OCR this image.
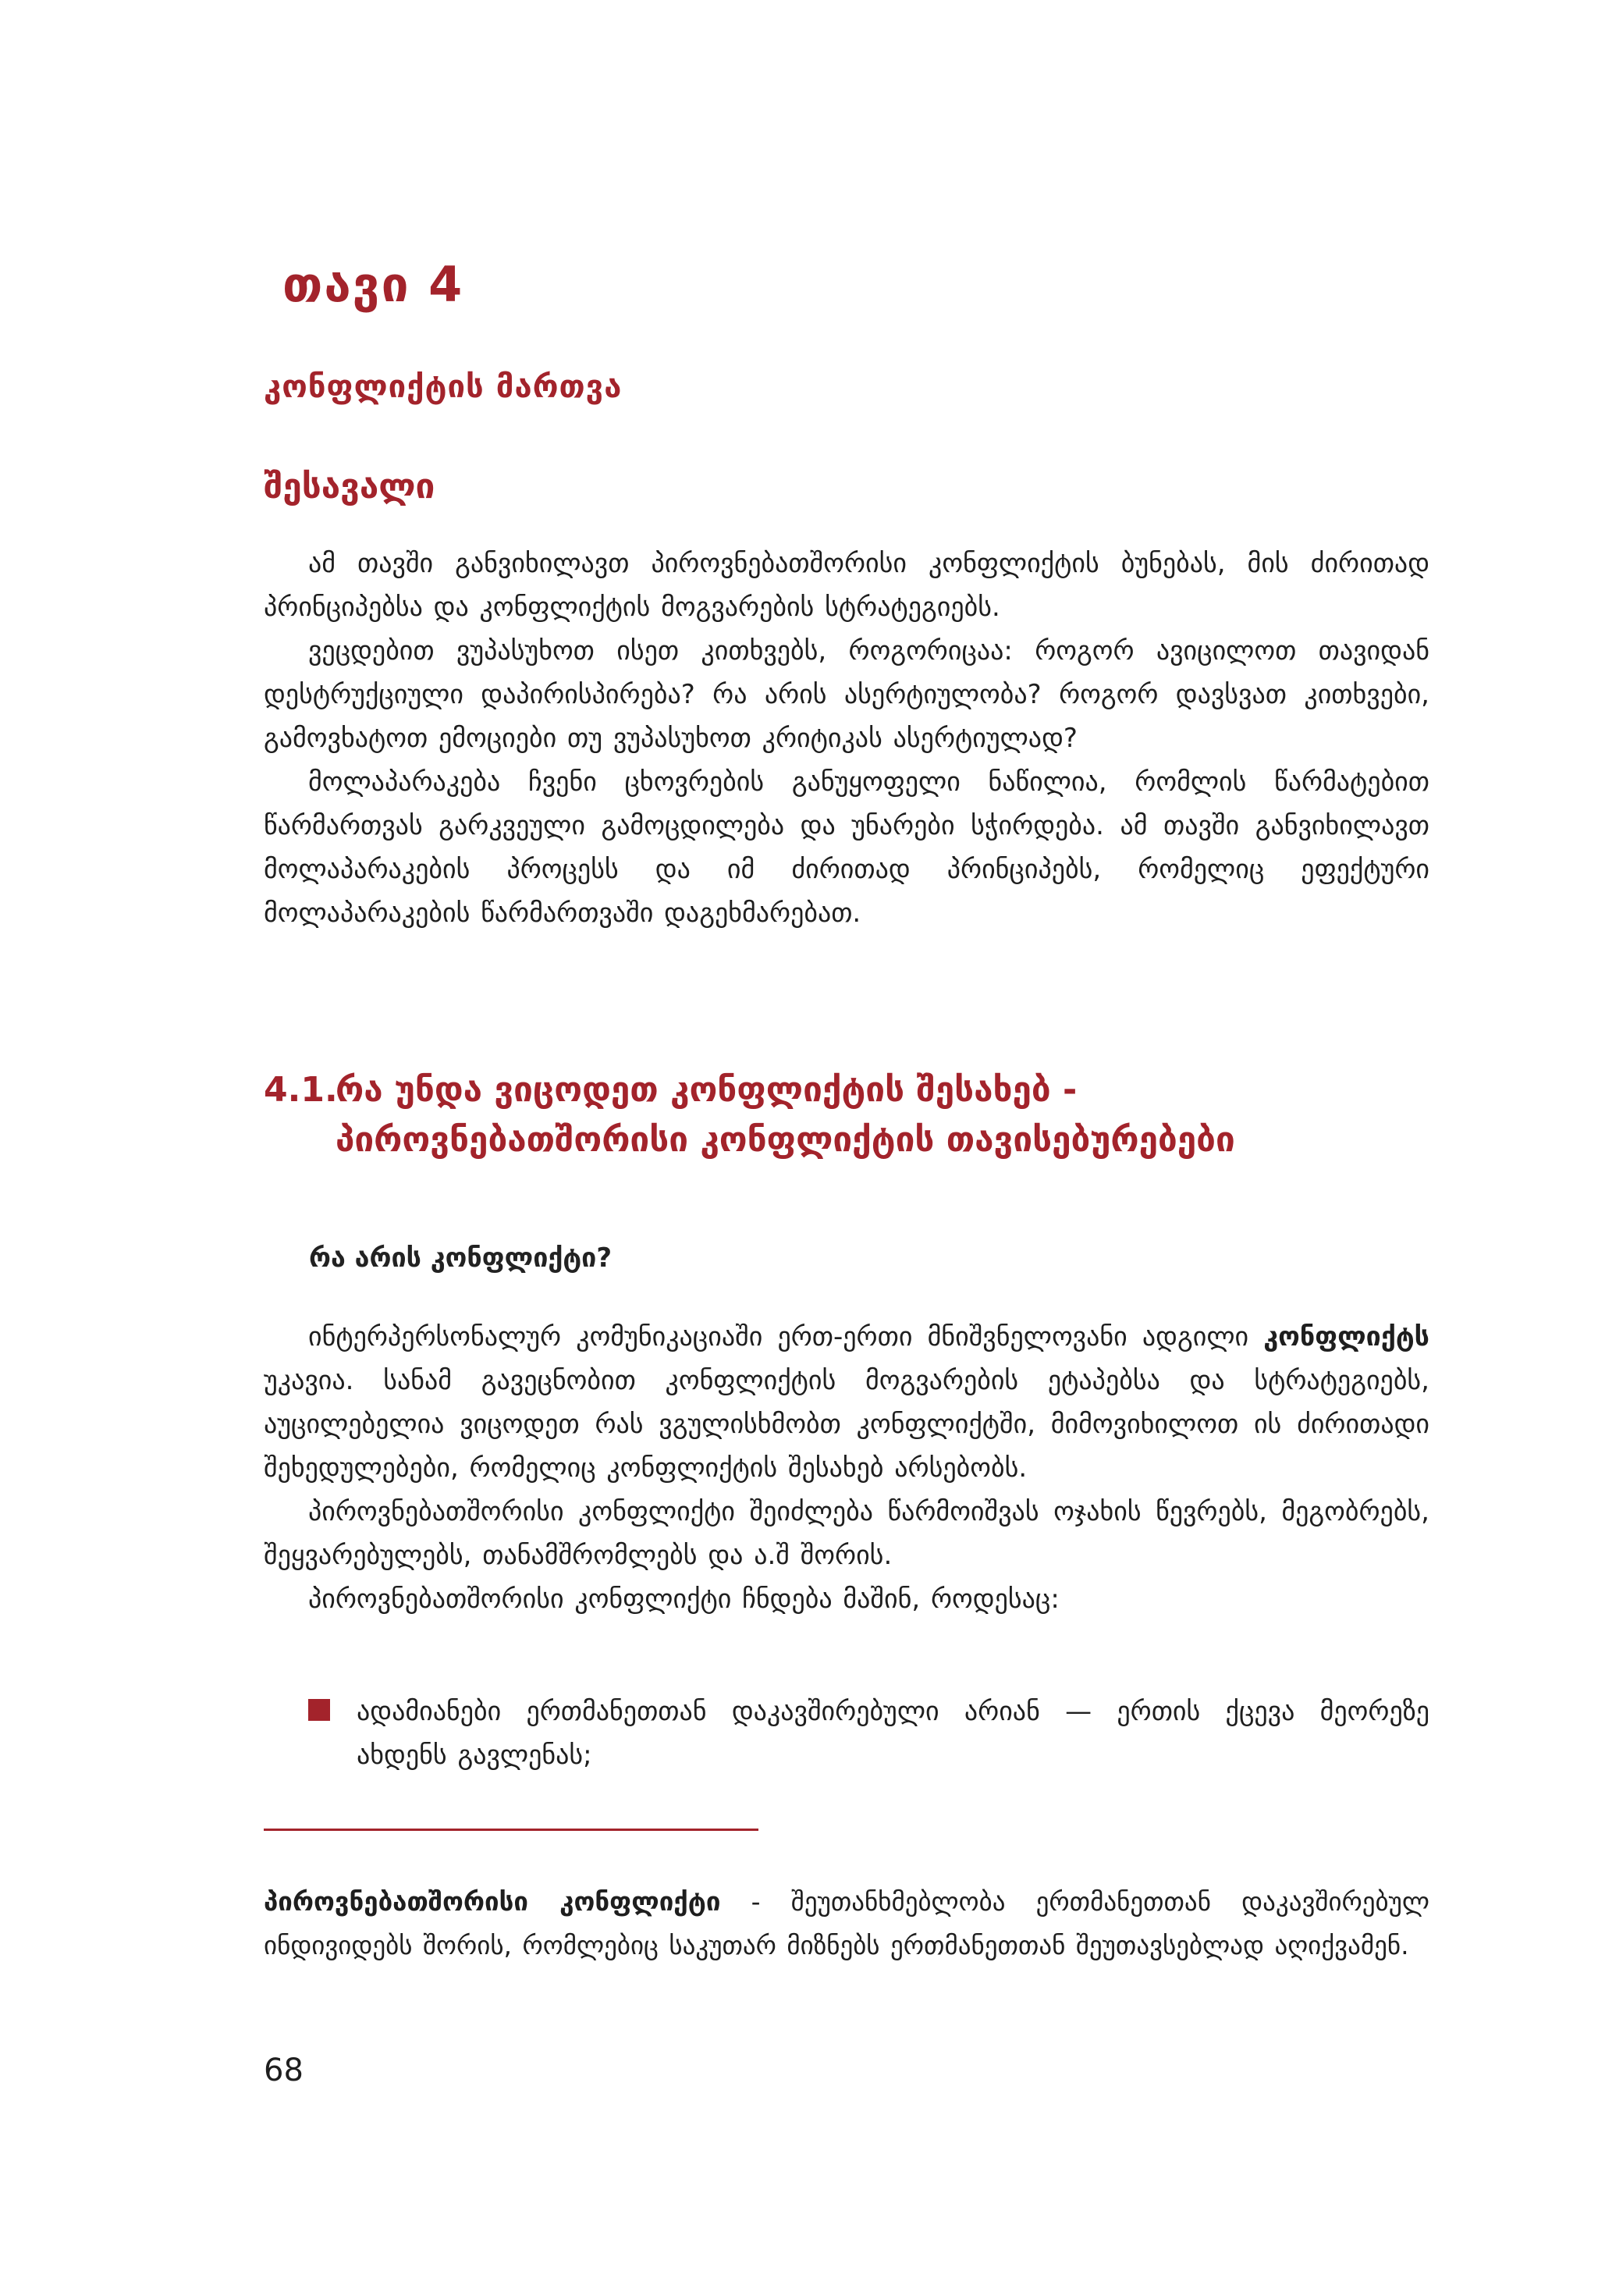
თავი 4
კონფლიქტის მართვა
შესავალი

ამ თავში განვიხილავთ პიროვნებათშორისი კონფლიქტის ბუნებას, მის ძირითად პრინციპებსა და კონფლიქტის მოგვარების სტრატეგიებს.

ვეცდებით ვუპასუხოთ ისეთ კითხვებს, როგორიცაა: როგორ ავიცილოთ თავიდან დესტრუქციული დაპირისპირება? რა არის ასერტიულობა? როგორ დავსვათ კითხვები, გამოვხატოთ ემოციები თუ ვუპასუხოთ კრიტიკას ასერტიულად?

მოლაპარაკება ჩვენი ცხოვრების განუყოფელი ნაწილია, რომლის წარმატებით წარმართვას გარკვეული გამოცდილება და უნარები სჭირდება. ამ თავში განვიხილავთ მოლაპარაკების პროცესს და იმ ძირითად პრინციპებს, რომელიც ეფექტური მოლაპარაკების წარმართვაში დაგეხმარებათ.

4.1.რა უნდა ვიცოდეთ კონფლიქტის შესახებ -
პიროვნებათშორისი კონფლიქტის თავისებურებები
რა არის კონფლიქტი?

ინტერპერსონალურ კომუნიკაციაში ერთ-ერთი მნიშვნელოვანი ადგილი კონფლიქტს უკავია. სანამ გავეცნობით კონფლიქტის მოგვარების ეტაპებსა და სტრატეგიებს, აუცილებელია ვიცოდეთ რას ვგულისხმობთ კონფლიქტში, მიმოვიხილოთ ის ძირითადი შეხედულებები, რომელიც კონფლიქტის შესახებ არსებობს.

პიროვნებათშორისი კონფლიქტი შეიძლება წარმოიშვას ოჯახის წევრებს, მეგობრებს, შეყვარებულებს, თანამშრომლებს და ა.შ შორის.

პიროვნებათშორისი კონფლიქტი ჩნდება მაშინ, როდესაც:

ადამიანები ერთმანეთთან დაკავშირებული არიან — ერთის ქცევა მეორეზე ახდენს გავლენას;

პიროვნებათშორისი კონფლიქტი - შეუთანხმებლობა ერთმანეთთან დაკავშირებულ ინდივიდებს შორის, რომლებიც საკუთარ მიზნებს ერთმანეთთან შეუთავსებლად აღიქვამენ.

68
